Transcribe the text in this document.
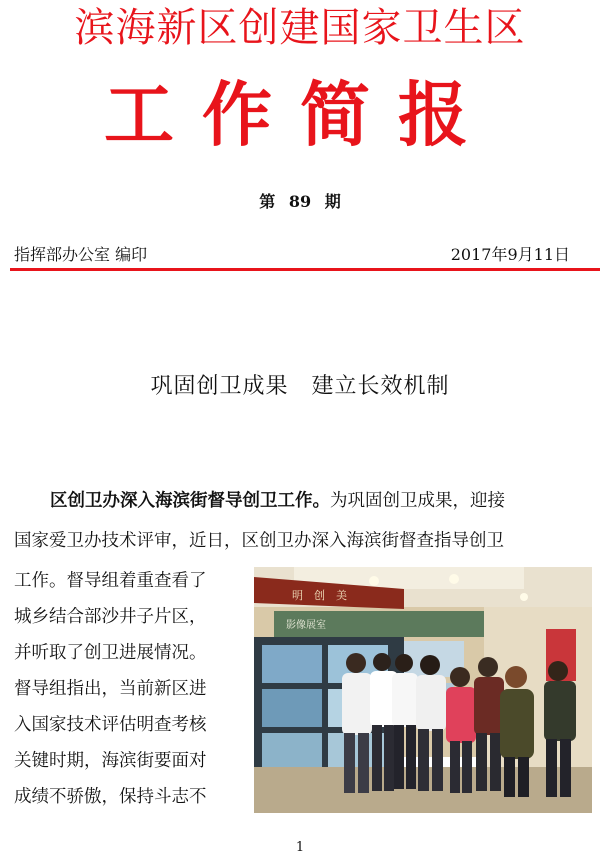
滨海新区创建国家卫生区
工作简报
第 89 期
指挥部办公室 编印	2017年9月11日
巩固创卫成果　建立长效机制
区创卫办深入海滨街督导创卫工作。为巩固创卫成果，迎接
国家爱卫办技术评审，近日，区创卫办深入海滨街督查指导创卫
工作。督导组着重查看了
城乡结合部沙井子片区，
并听取了创卫进展情况。
督导组指出，当前新区进
入国家技术评估明查考核
关键时期，海滨街要面对
成绩不骄傲，保持斗志不
明　创　美
影像展室
1
